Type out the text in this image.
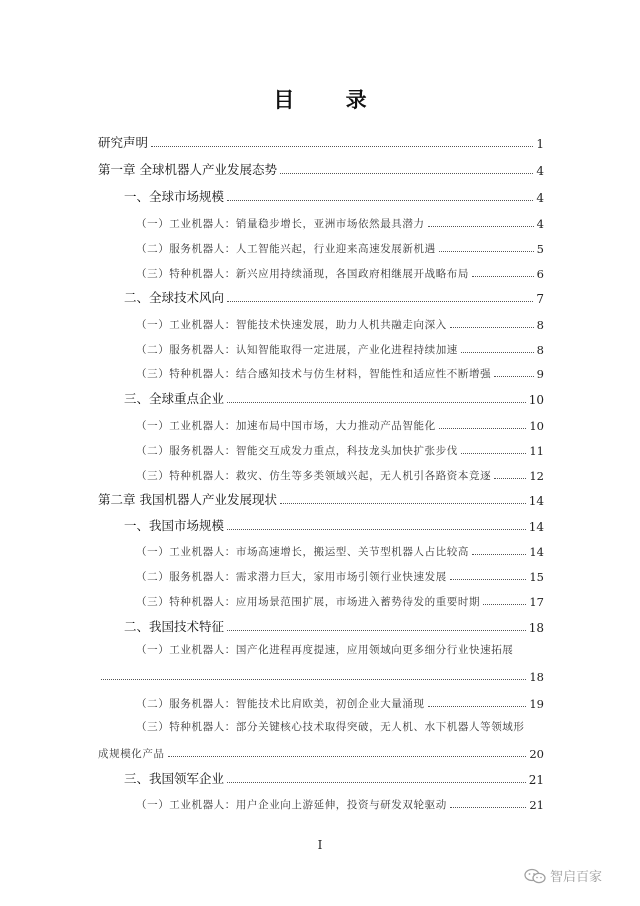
目 录
研究声明	1
第一章 全球机器人产业发展态势	4
一、全球市场规模	4
（一）工业机器人：销量稳步增长，亚洲市场依然最具潜力	4
（二）服务机器人：人工智能兴起，行业迎来高速发展新机遇	5
（三）特种机器人：新兴应用持续涌现，各国政府相继展开战略布局	6
二、全球技术风向	7
（一）工业机器人：智能技术快速发展，助力人机共融走向深入	8
（二）服务机器人：认知智能取得一定进展，产业化进程持续加速	8
（三）特种机器人：结合感知技术与仿生材料，智能性和适应性不断增强	9
三、全球重点企业	10
（一）工业机器人：加速布局中国市场，大力推动产品智能化	10
（二）服务机器人：智能交互成发力重点，科技龙头加快扩张步伐	11
（三）特种机器人：救灾、仿生等多类领域兴起，无人机引各路资本竞逐	12
第二章 我国机器人产业发展现状	14
一、我国市场规模	14
（一）工业机器人：市场高速增长，搬运型、关节型机器人占比较高	14
（二）服务机器人：需求潜力巨大，家用市场引领行业快速发展	15
（三）特种机器人：应用场景范围扩展，市场进入蓄势待发的重要时期	17
二、我国技术特征	18
（一）工业机器人：国产化进程再度提速，应用领域向更多细分行业快速拓展
18
（二）服务机器人：智能技术比肩欧美，初创企业大量涌现	19
（三）特种机器人：部分关键核心技术取得突破，无人机、水下机器人等领域形
成规模化产品	20
三、我国领军企业	21
（一）工业机器人：用户企业向上游延伸，投资与研发双轮驱动	21
I
智启百家
